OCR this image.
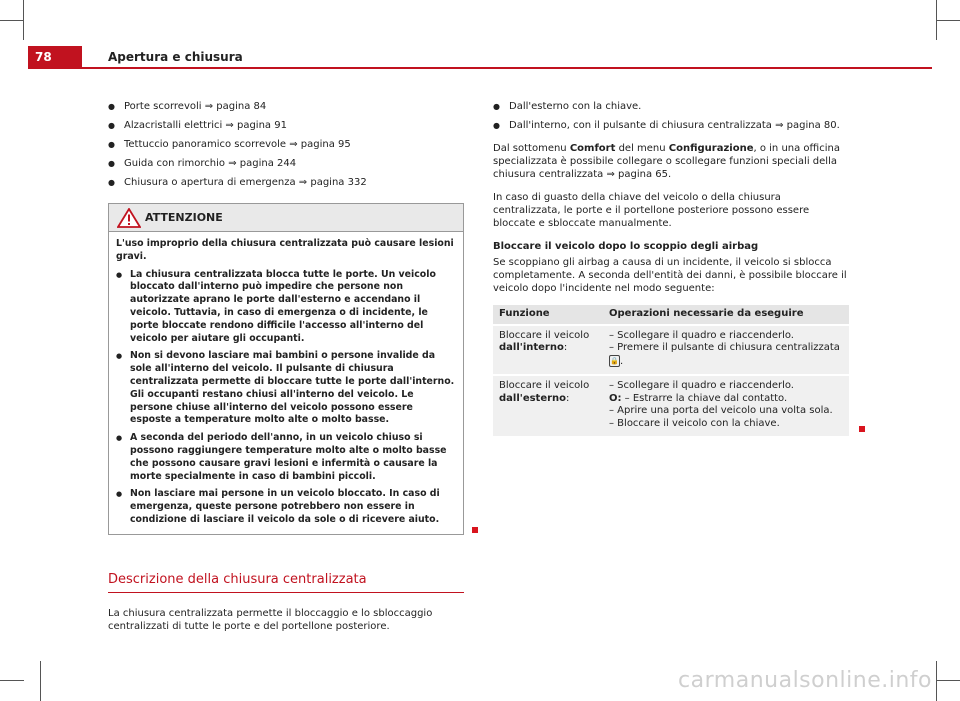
78	Apertura e chiusura
● Porte scorrevoli ⇒ pagina 84
● Alzacristalli elettrici ⇒ pagina 91
● Tettuccio panoramico scorrevole ⇒ pagina 95
● Guida con rimorchio ⇒ pagina 244
● Chiusura o apertura di emergenza ⇒ pagina 332
ATTENZIONE

L'uso improprio della chiusura centralizzata può causare lesioni gravi.

● La chiusura centralizzata blocca tutte le porte. Un veicolo bloccato dall'interno può impedire che persone non autorizzate aprano le porte dall'esterno e accendano il veicolo. Tuttavia, in caso di emergenza o di incidente, le porte bloccate rendono difficile l'accesso all'interno del veicolo per aiutare gli occupanti.
● Non si devono lasciare mai bambini o persone invalide da sole all'interno del veicolo. Il pulsante di chiusura centralizzata permette di bloccare tutte le porte dall'interno. Gli occupanti restano chiusi all'interno del veicolo. Le persone chiuse all'interno del veicolo possono essere esposte a temperature molto alte o molto basse.
● A seconda del periodo dell'anno, in un veicolo chiuso si possono raggiungere temperature molto alte o molto basse che possono causare gravi lesioni e infermità o causare la morte specialmente in caso di bambini piccoli.
● Non lasciare mai persone in un veicolo bloccato. In caso di emergenza, queste persone potrebbero non essere in condizione di lasciare il veicolo da sole o di ricevere aiuto.
Descrizione della chiusura centralizzata

La chiusura centralizzata permette il bloccaggio e lo sbloccaggio centralizzati di tutte le porte e del portellone posteriore.

● Dall'esterno con la chiave.
● Dall'interno, con il pulsante di chiusura centralizzata ⇒ pagina 80.

Dal sottomenu Comfort del menu Configurazione, o in una officina specializzata è possibile collegare o scollegare funzioni speciali della chiusura centralizzata ⇒ pagina 65.

In caso di guasto della chiave del veicolo o della chiusura centralizzata, le porte e il portellone posteriore possono essere bloccate e sbloccate manualmente.

Bloccare il veicolo dopo lo scoppio degli airbag

Se scoppiano gli airbag a causa di un incidente, il veicolo si sblocca completamente. A seconda dell'entità dei danni, è possibile bloccare il veicolo dopo l'incidente nel modo seguente:

Funzione	Operazioni necessarie da eseguire
Bloccare il veicolo dall'interno:	– Scollegare il quadro e riaccenderlo.
– Premere il pulsante di chiusura centralizzata 🔒.

Bloccare il veicolo dall'esterno:	– Scollegare il quadro e riaccenderlo.
O: – Estrarre la chiave dal contatto.
– Aprire una porta del veicolo una volta sola.
– Bloccare il veicolo con la chiave.
carmanualsonline.info
